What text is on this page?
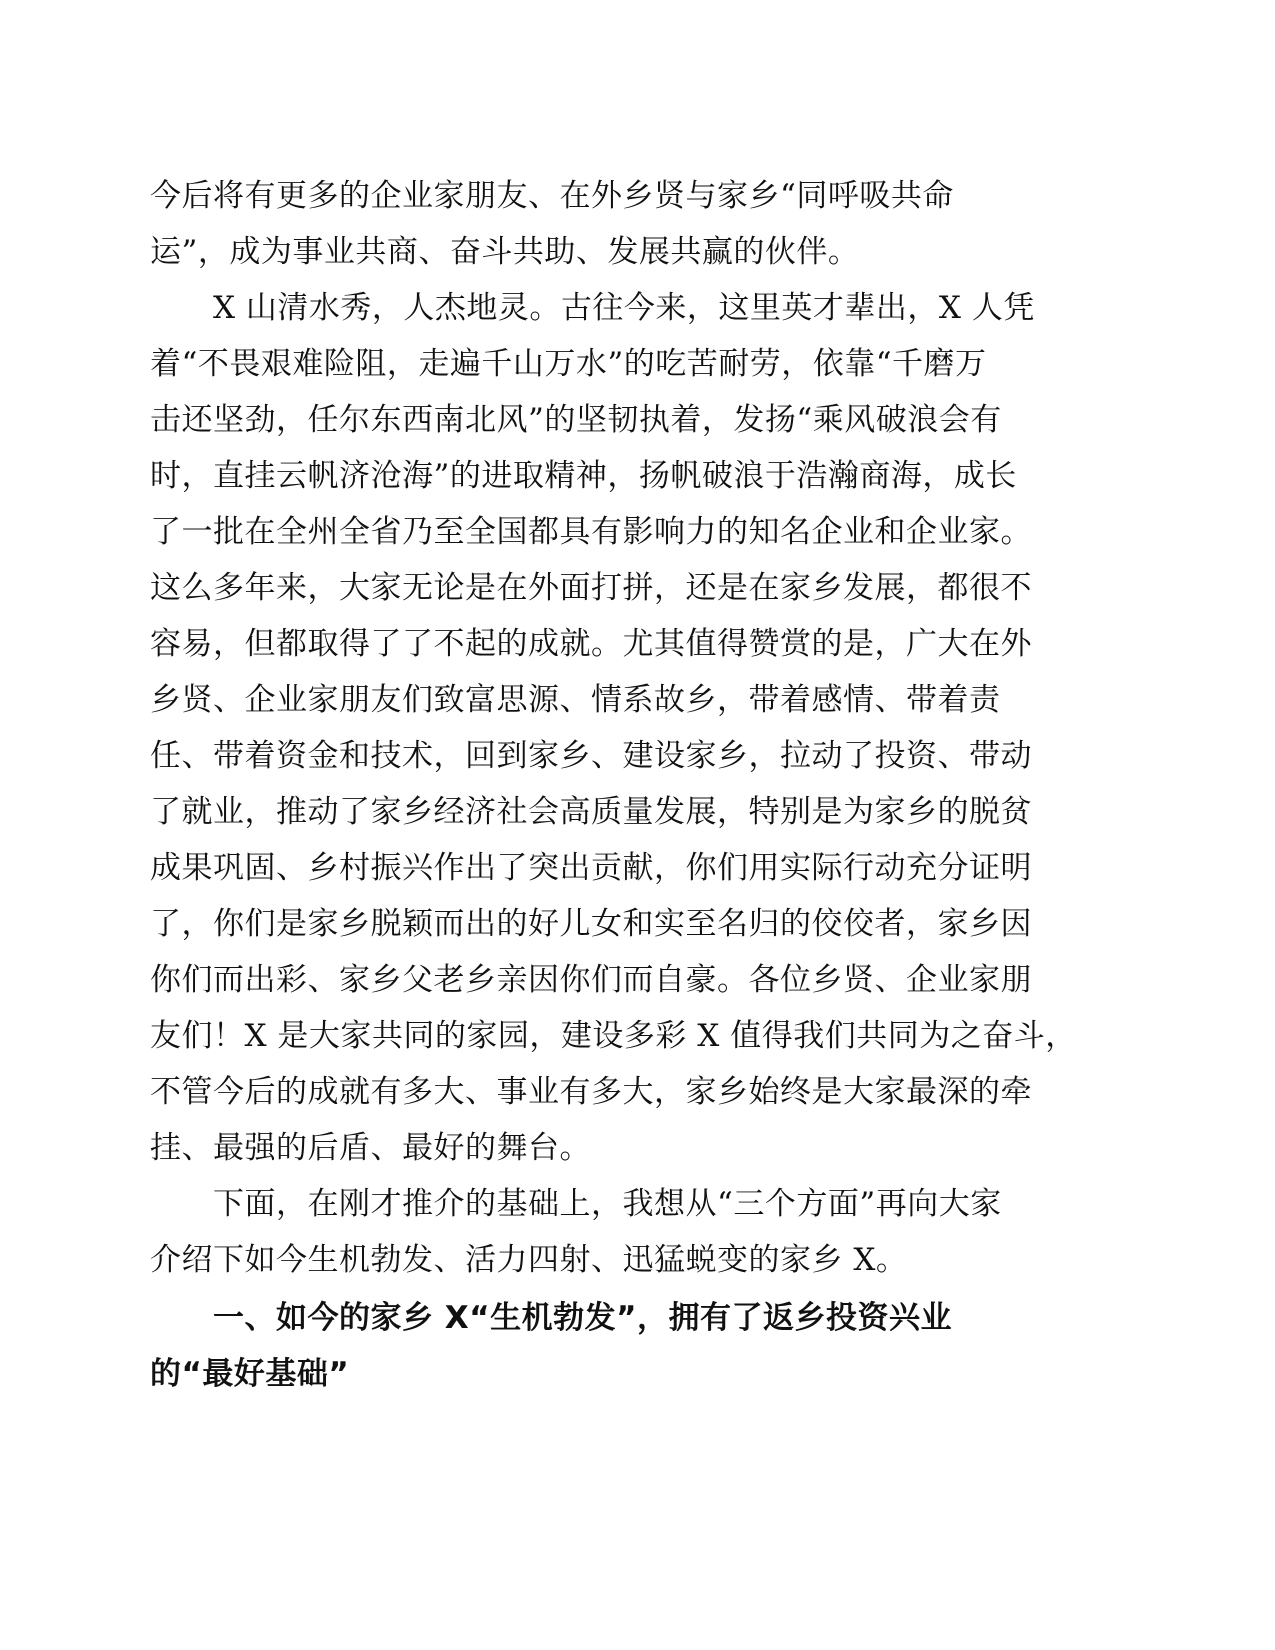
今后将有更多的企业家朋友、在外乡贤与家乡“同呼吸共命
运”，成为事业共商、奋斗共助、发展共赢的伙伴。
X 山清水秀，人杰地灵。古往今来，这里英才辈出，X 人凭
着“不畏艰难险阻，走遍千山万水”的吃苦耐劳，依靠“千磨万
击还坚劲，任尔东西南北风”的坚韧执着，发扬“乘风破浪会有
时，直挂云帆济沧海”的进取精神，扬帆破浪于浩瀚商海，成长
了一批在全州全省乃至全国都具有影响力的知名企业和企业家。
这么多年来，大家无论是在外面打拼，还是在家乡发展，都很不
容易，但都取得了了不起的成就。尤其值得赞赏的是，广大在外
乡贤、企业家朋友们致富思源、情系故乡，带着感情、带着责
任、带着资金和技术，回到家乡、建设家乡，拉动了投资、带动
了就业，推动了家乡经济社会高质量发展，特别是为家乡的脱贫
成果巩固、乡村振兴作出了突出贡献，你们用实际行动充分证明
了，你们是家乡脱颖而出的好儿女和实至名归的佼佼者，家乡因
你们而出彩、家乡父老乡亲因你们而自豪。各位乡贤、企业家朋
友们！X 是大家共同的家园，建设多彩 X 值得我们共同为之奋斗，
不管今后的成就有多大、事业有多大，家乡始终是大家最深的牵
挂、最强的后盾、最好的舞台。
下面，在刚才推介的基础上，我想从“三个方面”再向大家
介绍下如今生机勃发、活力四射、迅猛蜕变的家乡 X。
一、如今的家乡 X“生机勃发”，拥有了返乡投资兴业
的“最好基础”
